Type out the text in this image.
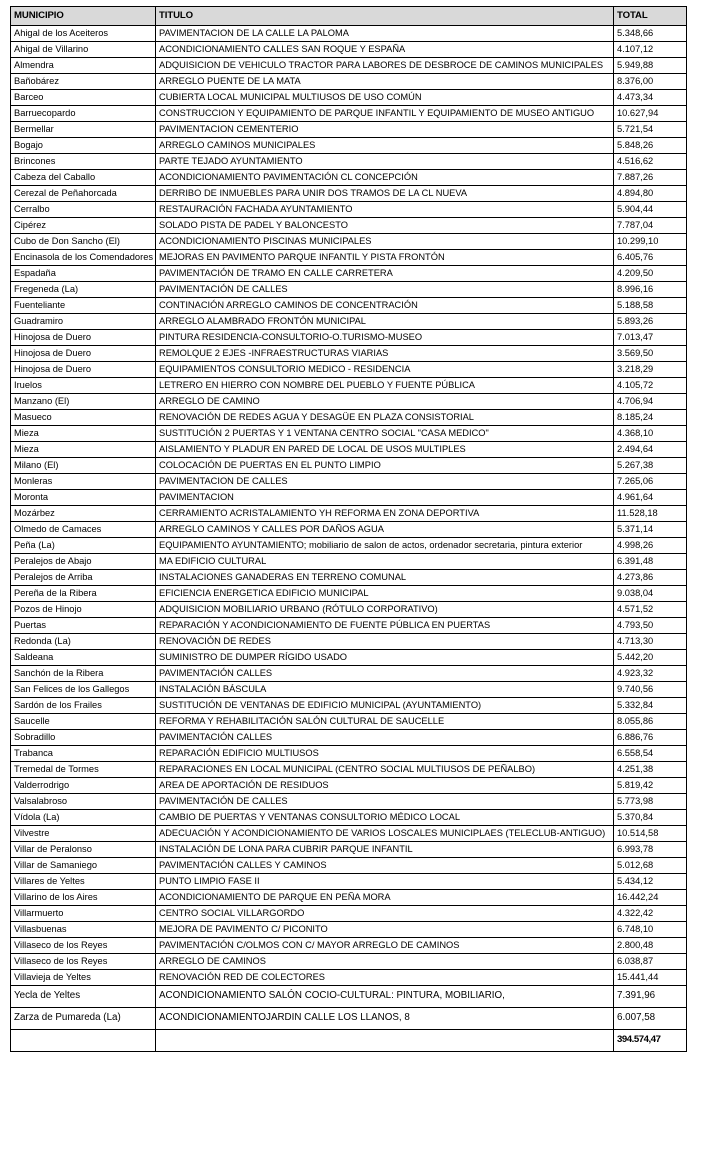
MUNICIPIO	TITULO	TOTAL
Ahigal de los Aceiteros	PAVIMENTACION DE LA CALLE LA PALOMA	5.348,66
Ahigal de Villarino	ACONDICIONAMIENTO CALLES SAN ROQUE Y ESPAÑA	4.107,12
Almendra	ADQUISICION DE VEHICULO TRACTOR PARA LABORES DE DESBROCE DE CAMINOS MUNICIPALES	5.949,88
Bañobárez	ARREGLO PUENTE DE LA MATA	8.376,00
Barceo	CUBIERTA LOCAL MUNICIPAL MULTIUSOS DE USO COMÚN	4.473,34
Barruecopardo	CONSTRUCCION Y EQUIPAMIENTO DE PARQUE INFANTIL Y EQUIPAMIENTO DE MUSEO ANTIGUO	10.627,94
Bermellar	PAVIMENTACION CEMENTERIO	5.721,54
Bogajo	ARREGLO CAMINOS MUNICIPALES	5.848,26
Brincones	PARTE TEJADO AYUNTAMIENTO	4.516,62
Cabeza del Caballo	ACONDICIONAMIENTO PAVIMENTACIÓN CL CONCEPCIÓN	7.887,26
Cerezal de Peñahorcada	DERRIBO DE INMUEBLES PARA UNIR DOS TRAMOS DE LA CL NUEVA	4.894,80
Cerralbo	RESTAURACIÓN FACHADA AYUNTAMIENTO	5.904,44
Cipérez	SOLADO PISTA DE PADEL Y BALONCESTO	7.787,04
Cubo de Don Sancho (El)	ACONDICIONAMIENTO PISCINAS MUNICIPALES	10.299,10
Encinasola de los Comendadores	MEJORAS EN PAVIMENTO PARQUE INFANTIL Y PISTA FRONTÓN	6.405,76
Espadaña	PAVIMENTACIÓN DE TRAMO EN CALLE CARRETERA	4.209,50
Fregeneda (La)	PAVIMENTACIÓN DE CALLES	8.996,16
Fuenteliante	CONTINACIÓN ARREGLO CAMINOS DE CONCENTRACIÓN	5.188,58
Guadramiro	ARREGLO ALAMBRADO FRONTÓN MUNICIPAL	5.893,26
Hinojosa de Duero	PINTURA RESIDENCIA-CONSULTORIO-O.TURISMO-MUSEO	7.013,47
Hinojosa de Duero	REMOLQUE 2 EJES -INFRAESTRUCTURAS VIARIAS	3.569,50
Hinojosa de Duero	EQUIPAMIENTOS CONSULTORIO MEDICO - RESIDENCIA	3.218,29
Iruelos	LETRERO EN HIERRO CON NOMBRE DEL PUEBLO Y FUENTE PÚBLICA	4.105,72
Manzano (El)	ARREGLO DE CAMINO	4.706,94
Masueco	RENOVACIÓN DE REDES AGUA Y DESAGÜE EN PLAZA CONSISTORIAL	8.185,24
Mieza	SUSTITUCIÓN 2 PUERTAS Y 1 VENTANA CENTRO SOCIAL "CASA MEDICO"	4.368,10
Mieza	AISLAMIENTO Y PLADUR EN PARED DE LOCAL DE USOS MULTIPLES	2.494,64
Milano (El)	COLOCACIÓN DE PUERTAS EN EL PUNTO LIMPIO	5.267,38
Monleras	PAVIMENTACION DE CALLES	7.265,06
Moronta	PAVIMENTACION	4.961,64
Mozárbez	CERRAMIENTO ACRISTALAMIENTO YH REFORMA EN ZONA DEPORTIVA	11.528,18
Olmedo de Camaces	ARREGLO CAMINOS Y CALLES POR DAÑOS AGUA	5.371,14
Peña (La)	EQUIPAMIENTO AYUNTAMIENTO; mobiliario de salon de actos, ordenador secretaria, pintura exterior	4.998,26
Peralejos de Abajo	MA EDIFICIO CULTURAL	6.391,48
Peralejos de Arriba	INSTALACIONES GANADERAS EN TERRENO COMUNAL	4.273,86
Pereña de la Ribera	EFICIENCIA ENERGETICA EDIFICIO MUNICIPAL	9.038,04
Pozos de Hinojo	ADQUISICION MOBILIARIO URBANO (RÓTULO CORPORATIVO)	4.571,52
Puertas	REPARACIÓN Y ACONDICIONAMIENTO DE FUENTE PÚBLICA EN PUERTAS	4.793,50
Redonda (La)	RENOVACIÓN DE REDES	4.713,30
Saldeana	SUMINISTRO DE DUMPER RÍGIDO USADO	5.442,20
Sanchón de la Ribera	PAVIMENTACIÓN CALLES	4.923,32
San Felices de los Gallegos	INSTALACIÓN BÁSCULA	9.740,56
Sardón de los Frailes	SUSTITUCIÓN DE VENTANAS DE EDIFICIO MUNICIPAL (AYUNTAMIENTO)	5.332,84
Saucelle	REFORMA Y REHABILITACIÓN SALÓN CULTURAL DE SAUCELLE	8.055,86
Sobradillo	PAVIMENTACIÓN CALLES	6.886,76
Trabanca	REPARACIÓN EDIFICIO MULTIUSOS	6.558,54
Tremedal de Tormes	REPARACIONES EN LOCAL MUNICIPAL (CENTRO SOCIAL MULTIUSOS DE PEÑALBO)	4.251,38
Valderrodrigo	AREA DE APORTACIÓN DE RESIDUOS	5.819,42
Valsalabroso	PAVIMENTACIÓN DE CALLES	5.773,98
Vídola (La)	CAMBIO DE PUERTAS Y VENTANAS CONSULTORIO MÉDICO LOCAL	5.370,84
Vilvestre	ADECUACIÓN Y ACONDICIONAMIENTO DE VARIOS LOSCALES MUNICIPLAES (TELECLUB-ANTIGUO)	10.514,58
Villar de Peralonso	INSTALACIÓN DE LONA PARA CUBRIR PARQUE INFANTIL	6.993,78
Villar de Samaniego	PAVIMENTACIÓN CALLES Y CAMINOS	5.012,68
Villares de Yeltes	PUNTO LIMPIO FASE II	5.434,12
Villarino de los Aires	ACONDICIONAMIENTO DE PARQUE EN PEÑA MORA	16.442,24
Villarmuerto	CENTRO SOCIAL VILLARGORDO	4.322,42
Villasbuenas	MEJORA DE PAVIMENTO C/ PICONITO	6.748,10
Villaseco de los Reyes	PAVIMENTACIÓN C/OLMOS CON C/ MAYOR ARREGLO DE CAMINOS	2.800,48
Villaseco de los Reyes	ARREGLO DE CAMINOS	6.038,87
Villavieja de Yeltes	RENOVACIÓN RED DE COLECTORES	15.441,44
Yecla de Yeltes	ACONDICIONAMIENTO SALÓN COCIO-CULTURAL: PINTURA, MOBILIARIO,	7.391,96
Zarza de Pumareda (La)	ACONDICIONAMIENTOJARDIN CALLE LOS LLANOS, 8	6.007,58
		394.574,47
